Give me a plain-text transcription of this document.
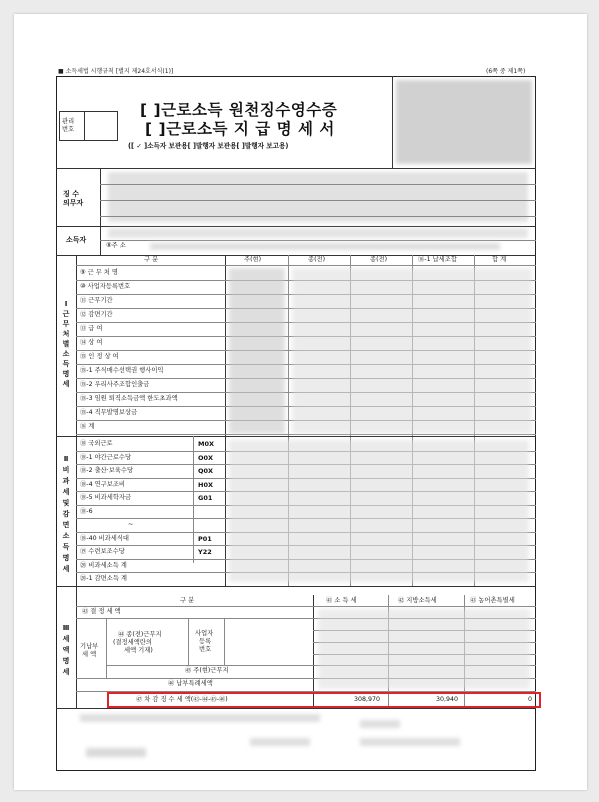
■ 소득세법 시행규칙 [별지 제24호서식(1)]	(6쪽 중 제1쪽)
관리
번호
[ ]근로소득 원천징수영수증
[ ]근로소득 지 급 명 세 서
([ ✓ ]소득자 보관용[ ]발행자 보관용[ ]발행자 보고용)
징 수
의무자
소득자
⑧주 소
구 분	주(현)	종(전)	종(전)	⑯-1 납세조합	합 계
⑨ 근 무 처 명
⑩ 사업자등록번호
⑪ 근무기간
⑫ 감면기간
⑬ 급 여
⑭ 상 여
⑮ 인 정 상 여
⑮-1 주식매수선택권 행사이익
⑮-2 우리사주조합인출금
⑮-3 임원 퇴직소득금액 한도초과액
⑮-4 직무발명보상금
⑯ 계
Ⅰ
근
무
처
별
소
득
명
세
⑱ 국외근로	M0X
⑱-1 야간근로수당	O0X
⑱-2 출산·보육수당	Q0X
⑱-4 연구보조비	H0X
⑱-5 비과세학자금	G01
⑱-6
~
⑱-40 비과세식대	P01
⑲ 수련보조수당	Y22
⑳ 비과세소득 계
⑳-1 감면소득 계
Ⅱ
비
과
세
및
감
면
소
득
명
세
구 분	㊶ 소 득 세	㊷ 지방소득세	㊸ 농어촌특별세
㊸ 결 정 세 액
기납부
세 액
㊹ 종(전)근무지
(결정세액란의
세액 기재)
사업자
등록
번호
㊺ 주(현)근무지
㊻ 납부특례세액
㊼ 차 감 징 수 세 액(㊸-㊹-㊺-㊻)	308,970	30,940	0
Ⅲ
세
액
명
세
